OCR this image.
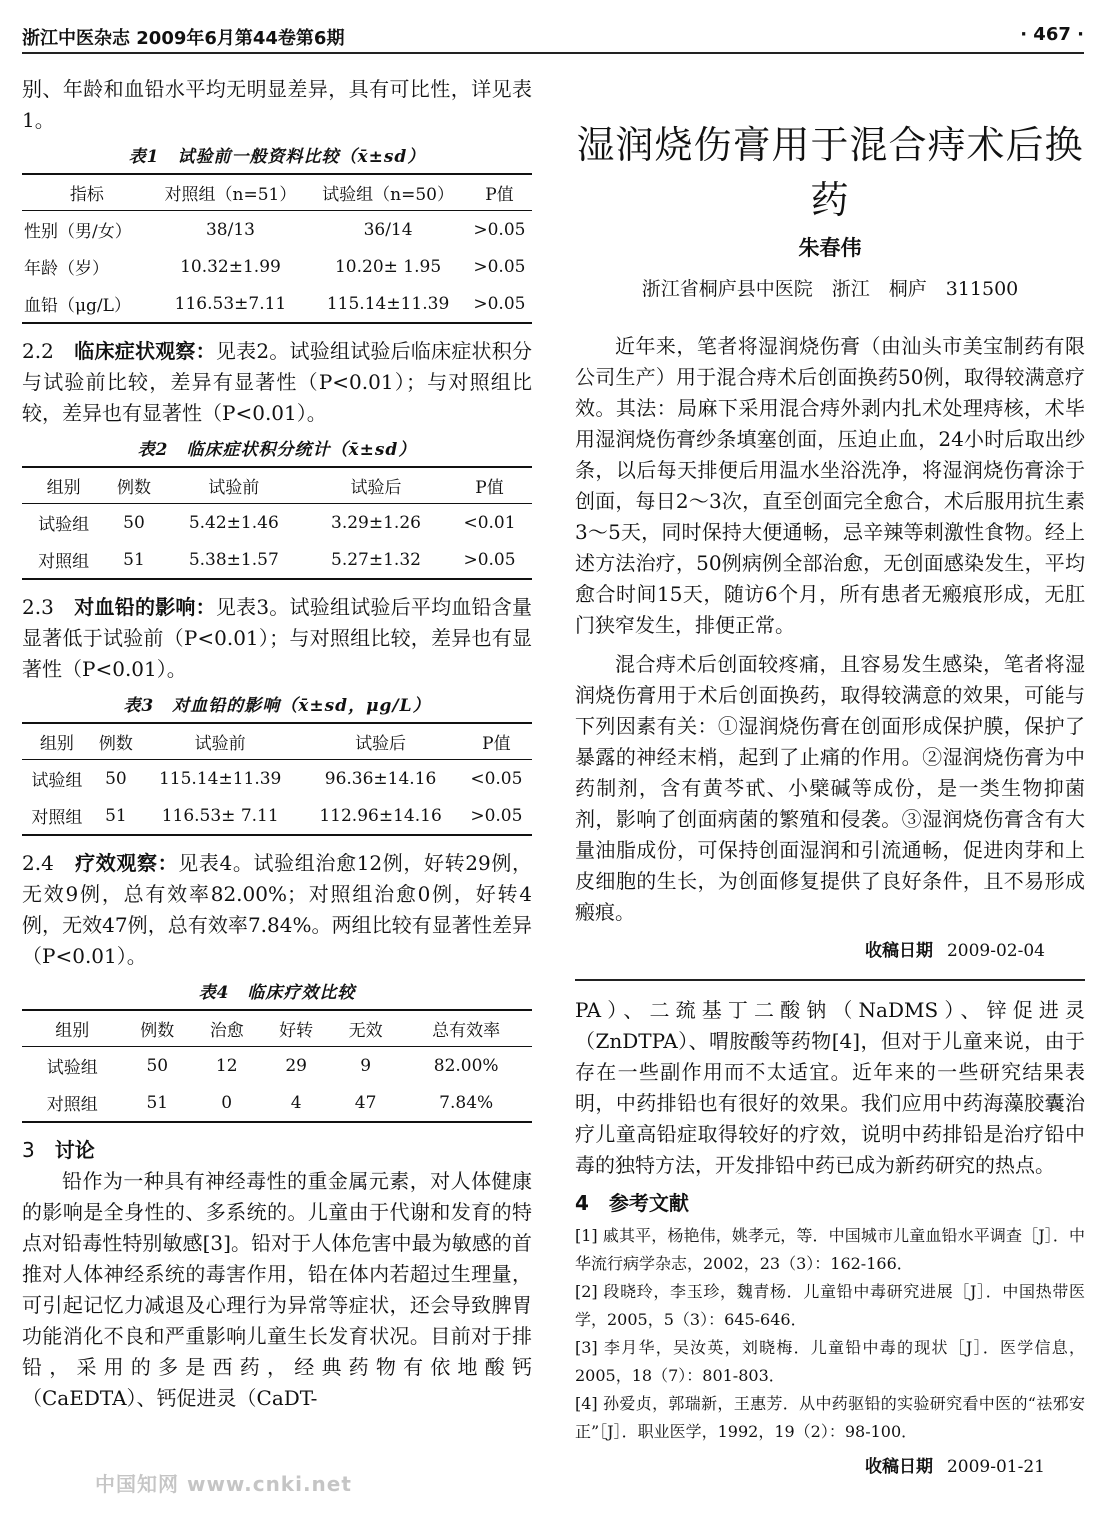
浙江中医杂志 2009年6月第44卷第6期	· 467 ·

别、年龄和血铅水平均无明显差异，具有可比性，详见表1。

表1　试验前一般资料比较（x̄±sd）
指标	对照组（n=51）	试验组（n=50）	P值
性别（男/女）	38/13	36/14	>0.05
年龄（岁）	10.32±1.99	10.20± 1.95	>0.05
血铅（μg/L）	116.53±7.11	115.14±11.39	>0.05

2.2　 临床症状观察：见表2。试验组试验后临床症状积分与试验前比较，差异有显著性（P<0.01）；与对照组比较，差异也有显著性（P<0.01）。

表2　临床症状积分统计（x̄±sd）
组别	例数	试验前	试验后	P值
试验组	50	5.42±1.46	3.29±1.26	<0.01
对照组	51	5.38±1.57	5.27±1.32	>0.05

2.3　 对血铅的影响：见表3。试验组试验后平均血铅含量显著低于试验前（P<0.01）；与对照组比较，差异也有显著性（P<0.01）。

表3　对血铅的影响（x̄±sd，μg/L）
组别	例数	试验前	试验后	P值
试验组	50	115.14±11.39	96.36±14.16	<0.05
对照组	51	116.53± 7.11	112.96±14.16	>0.05

2.4　 疗效观察：见表4。试验组治愈12例，好转29例，无效9例，总有效率82.00%；对照组治愈0例，好转4例，无效47例，总有效率7.84%。两组比较有显著性差异（P<0.01）。

表4　临床疗效比较
组别	例数	治愈	好转	无效	总有效率
试验组	50	12	29	9	82.00%
对照组	51	0	4	47	7.84%

3　 讨论

铅作为一种具有神经毒性的重金属元素，对人体健康的影响是全身性的、多系统的。儿童由于代谢和发育的特点对铅毒性特别敏感[3]。铅对于人体危害中最为敏感的首推对人体神经系统的毒害作用，铅在体内若超过生理量，可引起记忆力减退及心理行为异常等症状，还会导致脾胃功能消化不良和严重影响儿童生长发育状况。目前对于排铅，采用的多是西药，经典药物有依地酸钙（CaEDTA）、钙促进灵（CaDT-

湿润烧伤膏用于混合痔术后换药
朱春伟
浙江省桐庐县中医院　浙江　桐庐　311500

近年来，笔者将湿润烧伤膏（由汕头市美宝制药有限公司生产）用于混合痔术后创面换药50例，取得较满意疗效。其法：局麻下采用混合痔外剥内扎术处理痔核，术毕用湿润烧伤膏纱条填塞创面，压迫止血，24小时后取出纱条，以后每天排便后用温水坐浴洗净，将湿润烧伤膏涂于创面，每日2～3次，直至创面完全愈合，术后服用抗生素3～5天，同时保持大便通畅，忌辛辣等刺激性食物。经上述方法治疗，50例病例全部治愈，无创面感染发生，平均愈合时间15天，随访6个月，所有患者无瘢痕形成，无肛门狭窄发生，排便正常。

混合痔术后创面较疼痛，且容易发生感染，笔者将湿润烧伤膏用于术后创面换药，取得较满意的效果，可能与下列因素有关：①湿润烧伤膏在创面形成保护膜，保护了暴露的神经末梢，起到了止痛的作用。②湿润烧伤膏为中药制剂，含有黄芩甙、小檗碱等成份，是一类生物抑菌剂，影响了创面病菌的繁殖和侵袭。③湿润烧伤膏含有大量油脂成份，可保持创面湿润和引流通畅，促进肉芽和上皮细胞的生长，为创面修复提供了良好条件，且不易形成瘢痕。

收稿日期 2009-02-04

PA）、二巯基丁二酸钠（NaDMS）、锌促进灵（ZnDTPA）、喟胺酸等药物[4]，但对于儿童来说，由于存在一些副作用而不太适宜。近年来的一些研究结果表明，中药排铅也有很好的效果。我们应用中药海藻胶囊治疗儿童高铅症取得较好的疗效，说明中药排铅是治疗铅中毒的独特方法，开发排铅中药已成为新药研究的热点。

4　参考文献

[1] 戚其平，杨艳伟，姚孝元，等．中国城市儿童血铅水平调查［J］．中华流行病学杂志，2002，23（3）：162-166．

[2] 段晓玲，李玉珍，魏青杨．儿童铅中毒研究进展［J］．中国热带医学，2005，5（3）：645-646．

[3] 李月华，吴汝英，刘晓梅．儿童铅中毒的现状［J］．医学信息，2005，18（7）：801-803．

[4] 孙爱贞，郭瑞新，王惠芳．从中药驱铅的实验研究看中医的“祛邪安正”［J］．职业医学，1992，19（2）：98-100．

收稿日期 2009-01-21
中国知网 www.cnki.net
